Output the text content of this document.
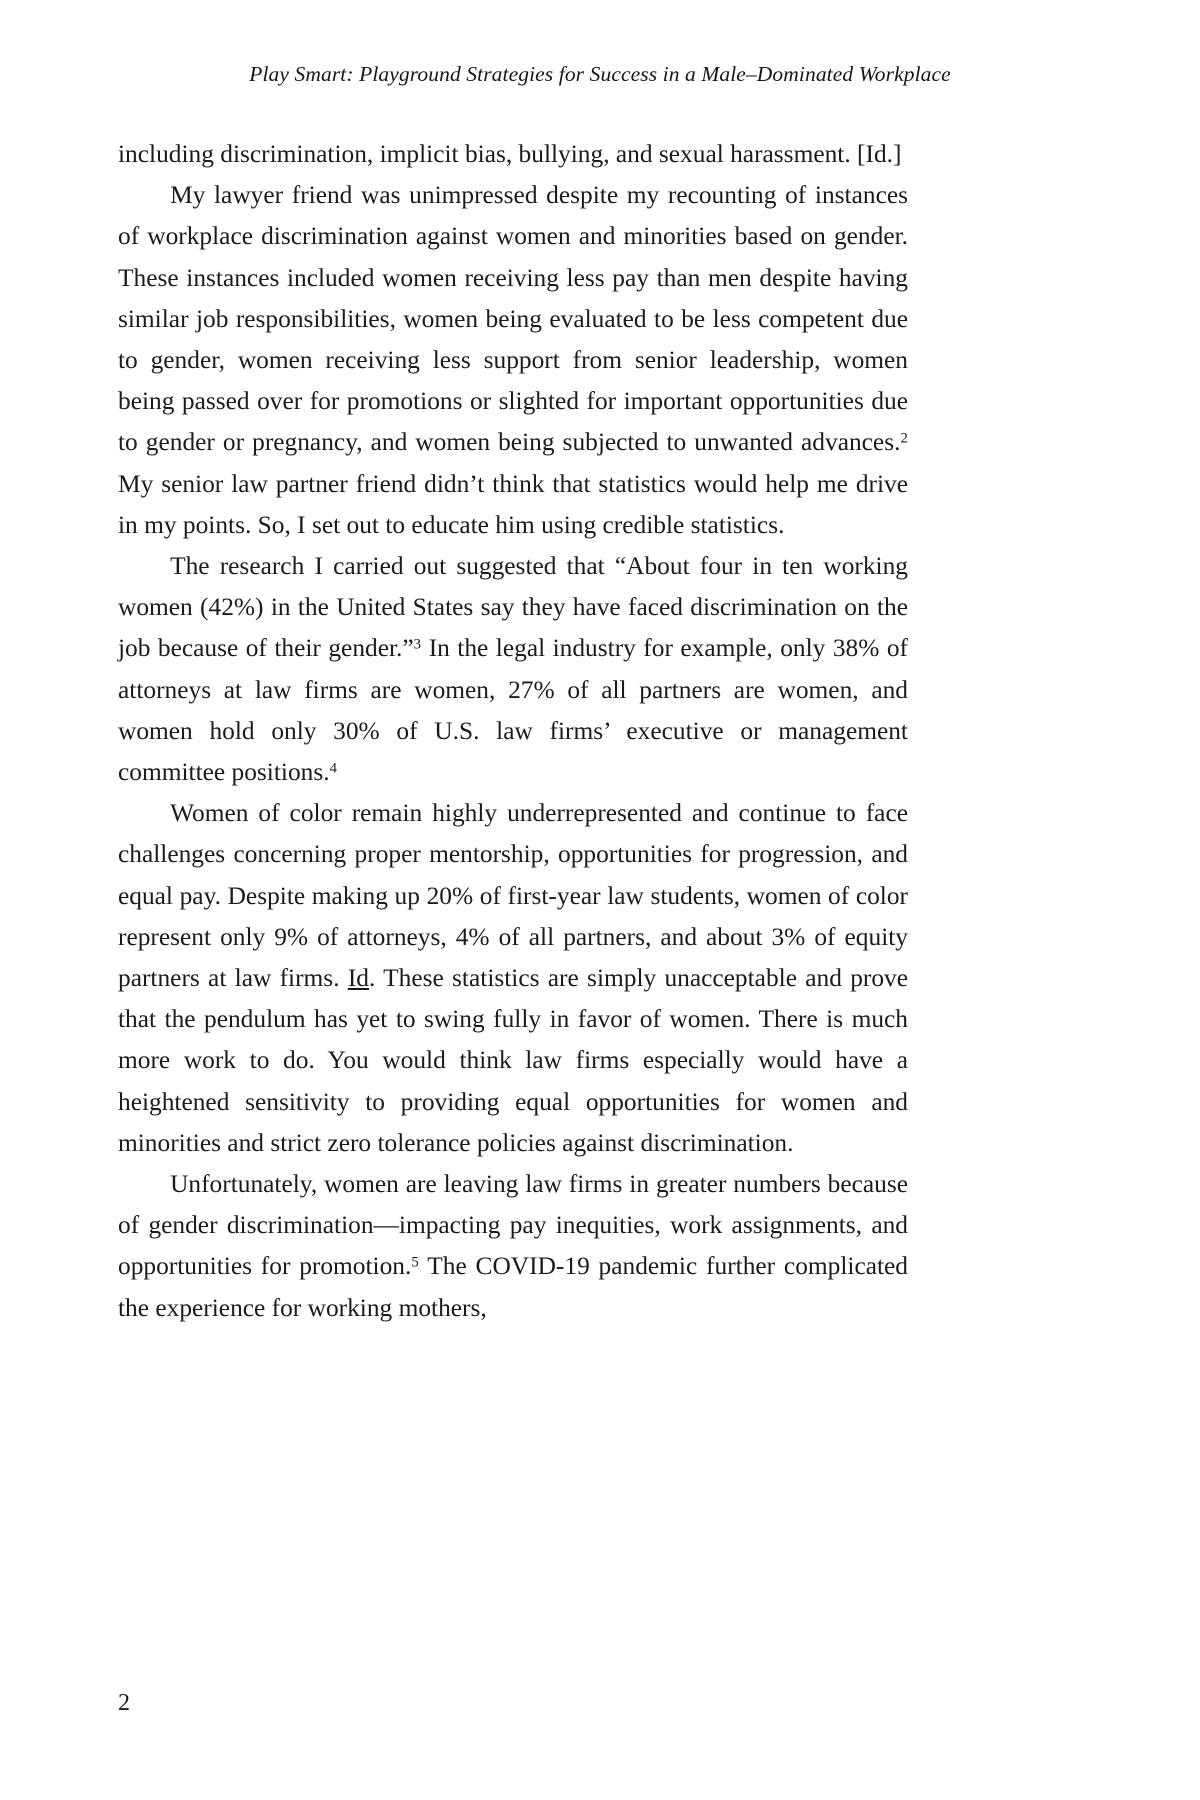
Play Smart: Playground Strategies for Success in a Male–Dominated Workplace

including discrimination, implicit bias, bullying, and sexual harassment. [Id.]

My lawyer friend was unimpressed despite my recounting of instances of workplace discrimination against women and minorities based on gender. These instances included women receiving less pay than men despite having similar job responsibilities, women being evaluated to be less competent due to gender, women receiving less support from senior leadership, women being passed over for promotions or slighted for important opportunities due to gender or pregnancy, and women being subjected to unwanted advances.$^2$ My senior law partner friend didn’t think that statistics would help me drive in my points. So, I set out to educate him using credible statistics.

The research I carried out suggested that “About four in ten working women (42%) in the United States say they have faced discrimination on the job because of their gender.”$^3$ In the legal industry for example, only 38% of attorneys at law firms are women, 27% of all partners are women, and women hold only 30% of U.S. law firms’ executive or management committee positions.$^4$

Women of color remain highly underrepresented and continue to face challenges concerning proper mentorship, opportunities for progression, and equal pay. Despite making up 20% of first-year law students, women of color represent only 9% of attorneys, 4% of all partners, and about 3% of equity partners at law firms. Id. These statistics are simply unacceptable and prove that the pendulum has yet to swing fully in favor of women. There is much more work to do. You would think law firms especially would have a heightened sensitivity to providing equal opportunities for women and minorities and strict zero tolerance policies against discrimination.

Unfortunately, women are leaving law firms in greater numbers because of gender discrimination—impacting pay inequities, work assignments, and opportunities for promotion.$^5$ The COVID-19 pandemic further complicated the experience for working mothers,

2
